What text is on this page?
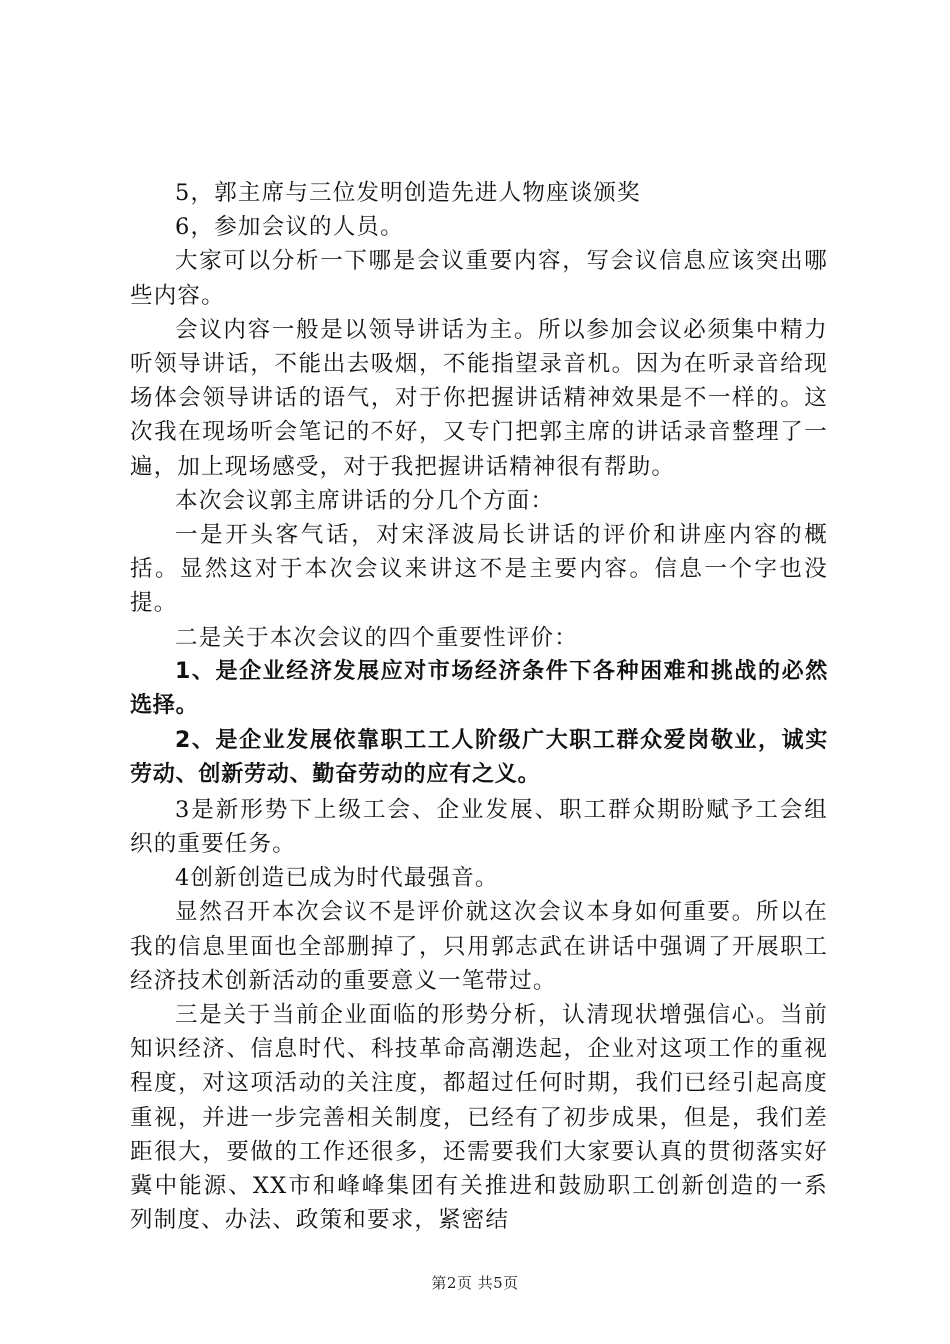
5，郭主席与三位发明创造先进人物座谈颁奖

6，参加会议的人员。

大家可以分析一下哪是会议重要内容，写会议信息应该突出哪些内容。

会议内容一般是以领导讲话为主。所以参加会议必须集中精力听领导讲话，不能出去吸烟，不能指望录音机。因为在听录音给现场体会领导讲话的语气，对于你把握讲话精神效果是不一样的。这次我在现场听会笔记的不好，又专门把郭主席的讲话录音整理了一遍，加上现场感受，对于我把握讲话精神很有帮助。

本次会议郭主席讲话的分几个方面：

一是开头客气话，对宋泽波局长讲话的评价和讲座内容的概括。显然这对于本次会议来讲这不是主要内容。信息一个字也没提。

二是关于本次会议的四个重要性评价：

1、是企业经济发展应对市场经济条件下各种困难和挑战的必然选择。

2、是企业发展依靠职工工人阶级广大职工群众爱岗敬业，诚实劳动、创新劳动、勤奋劳动的应有之义。

3是新形势下上级工会、企业发展、职工群众期盼赋予工会组织的重要任务。

4创新创造已成为时代最强音。

显然召开本次会议不是评价就这次会议本身如何重要。所以在我的信息里面也全部删掉了，只用郭志武在讲话中强调了开展职工经济技术创新活动的重要意义一笔带过。

三是关于当前企业面临的形势分析，认清现状增强信心。当前知识经济、信息时代、科技革命高潮迭起，企业对这项工作的重视程度，对这项活动的关注度，都超过任何时期，我们已经引起高度重视，并进一步完善相关制度，已经有了初步成果，但是，我们差距很大，要做的工作还很多，还需要我们大家要认真的贯彻落实好冀中能源、XX市和峰峰集团有关推进和鼓励职工创新创造的一系列制度、办法、政策和要求，紧密结

第2页 共5页
